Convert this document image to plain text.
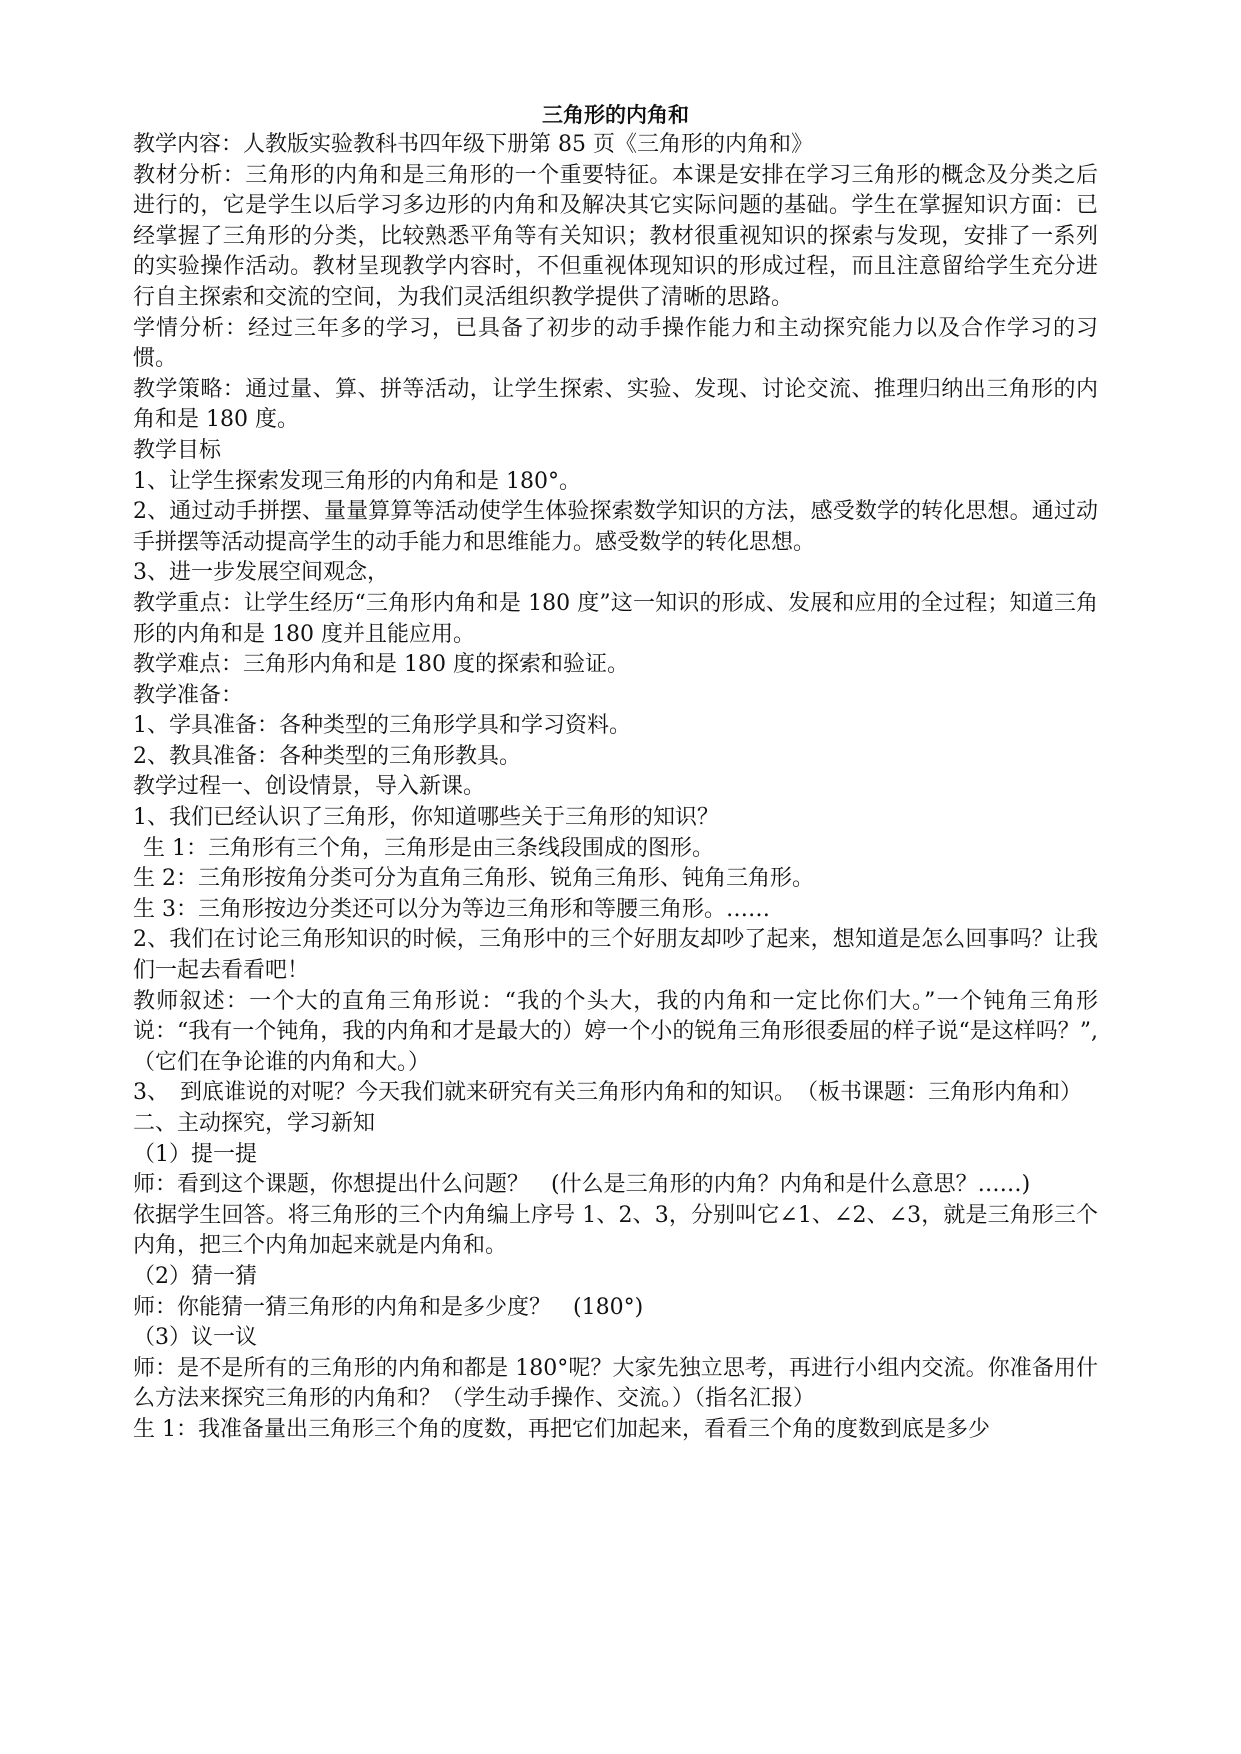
三角形的内角和

教学内容：人教版实验教科书四年级下册第 85 页《三角形的内角和》

教材分析：三角形的内角和是三角形的一个重要特征。本课是安排在学习三角形的概念及分类之后进行的，它是学生以后学习多边形的内角和及解决其它实际问题的基础。学生在掌握知识方面：已经掌握了三角形的分类，比较熟悉平角等有关知识；教材很重视知识的探索与发现，安排了一系列的实验操作活动。教材呈现教学内容时，不但重视体现知识的形成过程，而且注意留给学生充分进行自主探索和交流的空间，为我们灵活组织教学提供了清晰的思路。

学情分析：经过三年多的学习，已具备了初步的动手操作能力和主动探究能力以及合作学习的习惯。

教学策略：通过量、算、拼等活动，让学生探索、实验、发现、讨论交流、推理归纳出三角形的内角和是 180 度。

教学目标

1、让学生探索发现三角形的内角和是 180°。

2、通过动手拼摆、量量算算等活动使学生体验探索数学知识的方法，感受数学的转化思想。通过动手拼摆等活动提高学生的动手能力和思维能力。感受数学的转化思想。

3、进一步发展空间观念，

教学重点：让学生经历“三角形内角和是 180 度”这一知识的形成、发展和应用的全过程；知道三角形的内角和是 180 度并且能应用。

教学难点：三角形内角和是 180 度的探索和验证。

教学准备：

1、学具准备：各种类型的三角形学具和学习资料。

2、教具准备：各种类型的三角形教具。

教学过程一、创设情景，导入新课。

1、我们已经认识了三角形，你知道哪些关于三角形的知识？

生 1：三角形有三个角，三角形是由三条线段围成的图形。

生 2：三角形按角分类可分为直角三角形、锐角三角形、钝角三角形。

生 3：三角形按边分类还可以分为等边三角形和等腰三角形。……

2、我们在讨论三角形知识的时候，三角形中的三个好朋友却吵了起来，想知道是怎么回事吗？让我们一起去看看吧！

教师叙述：一个大的直角三角形说：“我的个头大，我的内角和一定比你们大。”一个钝角三角形说：“我有一个钝角，我的内角和才是最大的）婷一个小的锐角三角形很委屈的样子说“是这样吗？”,（它们在争论谁的内角和大。）

3、　到底谁说的对呢？今天我们就来研究有关三角形内角和的知识。　（板书课题：三角形内角和）

二、主动探究，学习新知

（1）提一提

师：看到这个课题，你想提出什么问题？　(什么是三角形的内角？内角和是什么意思？……)

依据学生回答。将三角形的三个内角编上序号 1、2、3，分别叫它∠1、∠2、∠3，就是三角形三个内角，把三个内角加起来就是内角和。

（2）猜一猜

师：你能猜一猜三角形的内角和是多少度？　(180°)

（3）议一议

师：是不是所有的三角形的内角和都是 180°呢？大家先独立思考，再进行小组内交流。你准备用什么方法来探究三角形的内角和？（学生动手操作、交流。）（指名汇报）

生 1：我准备量出三角形三个角的度数，再把它们加起来，看看三个角的度数到底是多少
